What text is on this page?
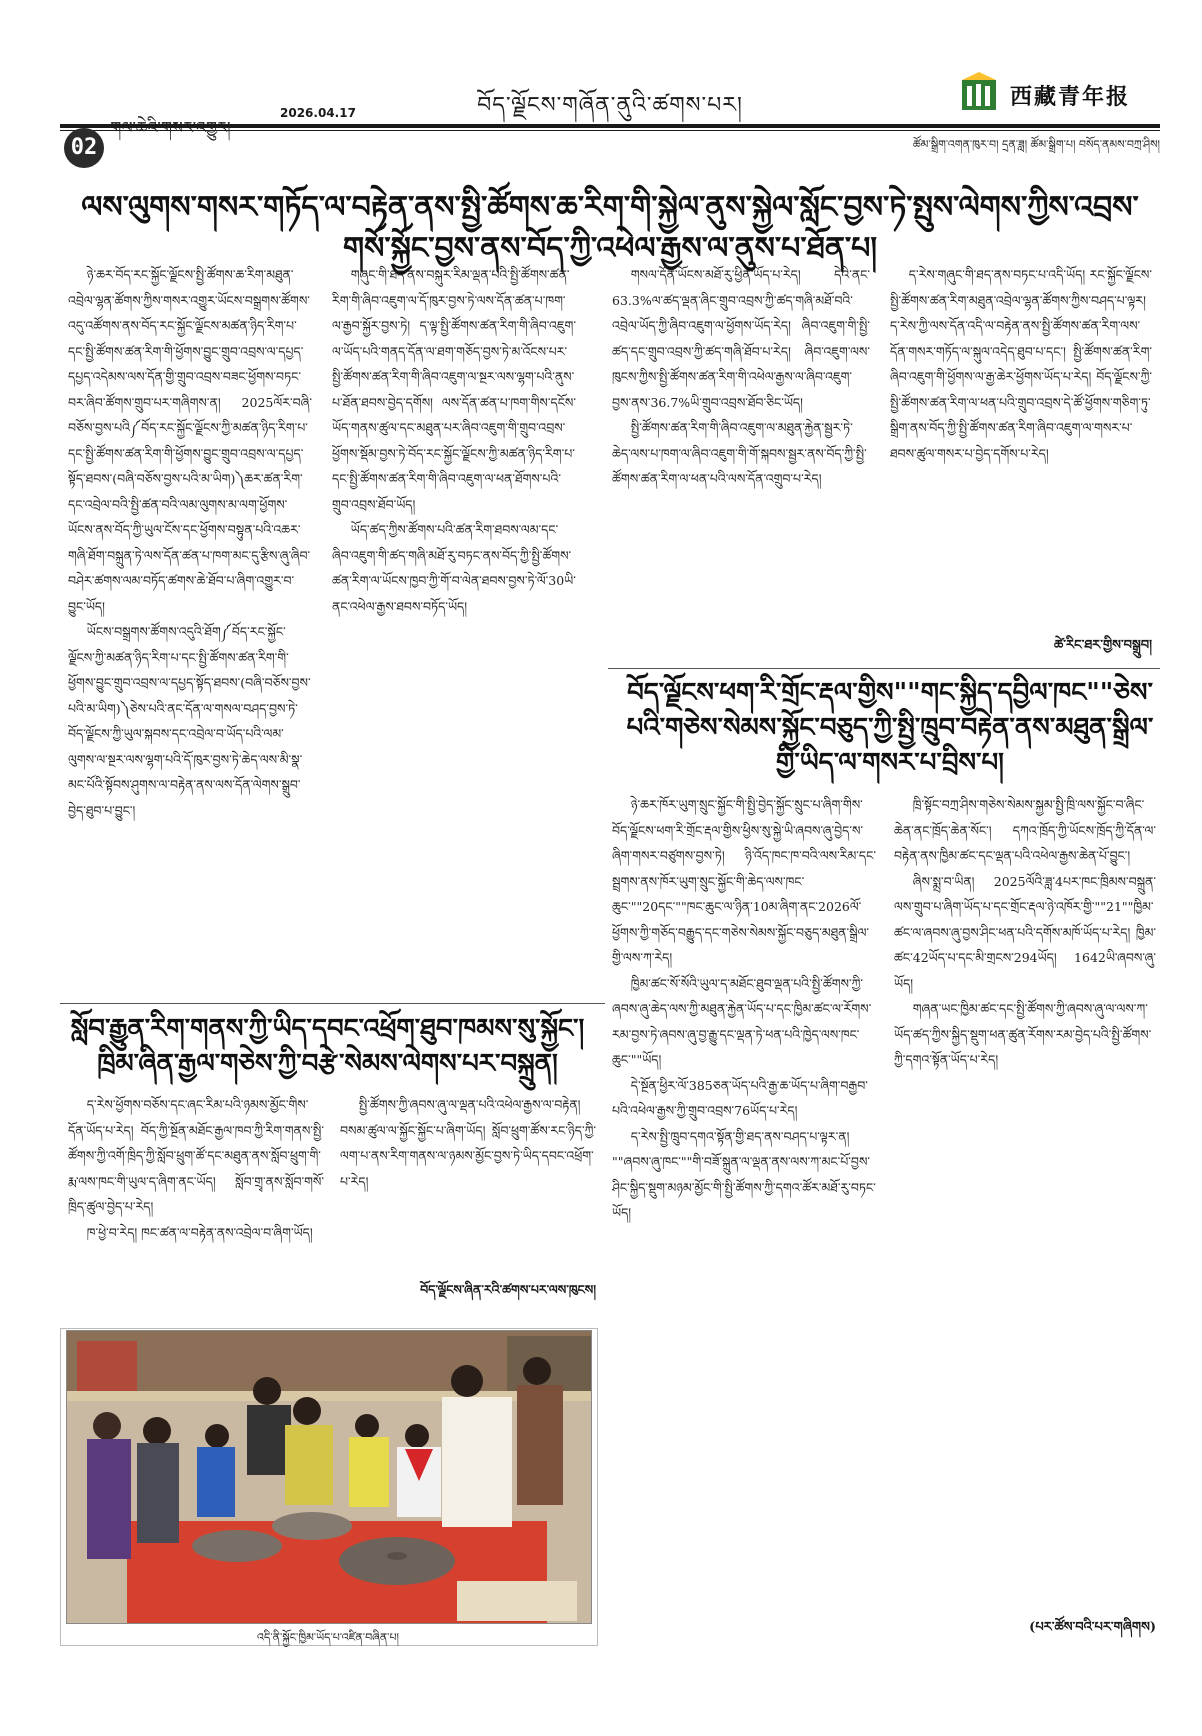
བོད་ལྗོངས་གཞོན་ནུའི་ཚགས་པར།	西藏青年报
2026.04.17
02	ཚོམ་སྒྲིག་འགན་ཁུར་བ། དྲན་ཟླ། ཚོམ་སྒྲིག་པ། བསོད་ནམས་བཀྲ་ཤིས།
ལས་ལུགས་གསར་གཏོད་ལ་བརྟེན་ནས་སྤྱི་ཚོགས་ཆ་རིག་གི་སྐྱེལ་ནུས་སྐྱེལ་སློང་བྱས་ཏེ་སྤུས་ལེགས་ཀྱིས་འབྲས་གསོ་སྐྱོང་བྱས་ནས་བོད་ཀྱི་འཕེལ་རྒྱས་ལ་ནུས་པ་ཐོན་པ།

ཉེ་ཆར་བོད་རང་སྐྱོང་ལྗོངས་སྤྱི་ཚོགས་ཆ་རིག་མཐུན་འབྲེལ་ལྷན་ཚོགས་ཀྱིས་གསར་འགྱུར་ཡོངས་བསྒྲགས་ཚོགས་འདུ་འཚོགས་ནས་བོད་རང་སྐྱོང་ལྗོངས་མཚན་ཉིད་རིག་པ་དང་སྤྱི་ཚོགས་ཚན་རིག་གི་ཕྱོགས་བྱུང་གྲུབ་འབྲས་ལ་དཔྱད་དཔྱད་འདེམས་ལས་དོན་གྱི་གྲུབ་འབྲས་བཟང་ཕྱོགས་བཏང་བར་ཞིབ་ཚོགས་གྲུབ་པར་གཞིགས་ན། 2025ལོར་བཞི་བཅོས་བྱས་པའི༼བོད་རང་སྐྱོང་ལྗོངས་ཀྱི་མཚན་ཉིད་རིག་པ་དང་སྤྱི་ཚོགས་ཚན་རིག་གི་ཕྱོགས་བྱུང་གྲུབ་འབྲས་ལ་དཔྱད་སྟོད་ཐབས་(བཞི་བཅོས་བྱས་པའི་མ་ཡིག)༽ཆར་ཚན་རིག་དང་འབྲེལ་བའི་སྤྱི་ཚན་བའི་ལམ་ལུགས་མ་ལག་ཕྱོགས་ཡོངས་ནས་བོད་ཀྱི་ཡུལ་ངོས་དང་ཕྱོགས་བསྟུན་པའི་འཆར་གཞི་ཐོག་བསྐྲུན་ཏེ་ལས་དོན་ཚན་པ་ཁག་མང་དུ་རྩིས་ཞུ་ཞིབ་བཤེར་ཚགས་ལམ་བཏོད་ཚགས་ཆེ་ཐོབ་པ་ཞིག་འགྱུར་བ་བྱུང་ཡོད།

ཡོངས་བསྒྲགས་ཚོགས་འདུའི་ཐོག༼བོད་རང་སྐྱོང་ལྗོངས་ཀྱི་མཚན་ཉིད་རིག་པ་དང་སྤྱི་ཚོགས་ཚན་རིག་གི་ཕྱོགས་བྱུང་གྲུབ་འབྲས་ལ་དཔྱད་སྟོད་ཐབས་(བཞི་བཅོས་བྱས་པའི་མ་ཡིག)༽ཅེས་པའི་ནང་དོན་ལ་གསལ་བཤད་བྱས་ཏེ་བོད་ལྗོངས་ཀྱི་ཡུལ་སྐབས་དང་འབྲེལ་བ་ཡོད་པའི་ལམ་ལུགས་ལ་སྔར་ལས་ལྷག་པའི་དོ་ཁུར་བྱས་ཏེ་ཆེད་ལས་མི་སྣ་མང་པོའི་སྟོབས་ཤུགས་ལ་བརྟེན་ནས་ལས་དོན་ལེགས་སྒྲུབ་བྱེད་ཐུབ་པ་བྱུང་།

གཞུང་གི་ཐད་ནས་བསྐུར་རིམ་ལྡན་པའི་སྤྱི་ཚོགས་ཚན་རིག་གི་ཞིབ་འཇུག་ལ་དོ་ཁུར་བྱས་ཏེ་ལས་དོན་ཚན་པ་ཁག་ལ་རྒྱབ་སྐྱོར་བྱས་ཏེ། ད་ལྟ་སྤྱི་ཚོགས་ཚན་རིག་གི་ཞིབ་འཇུག་ལ་ཡོད་པའི་གནད་དོན་ལ་ཐག་གཅོད་བྱས་ཏེ་མ་འོངས་པར་སྤྱི་ཚོགས་ཚན་རིག་གི་ཞིབ་འཇུག་ལ་སྔར་ལས་ལྷག་པའི་ནུས་པ་ཐོན་ཐབས་བྱེད་དགོས། ལས་དོན་ཚན་པ་ཁག་གིས་དངོས་ཡོད་གནས་ཚུལ་དང་མཐུན་པར་ཞིབ་འཇུག་གི་གྲུབ་འབྲས་ཕྱོགས་སྡོམ་བྱས་ཏེ་བོད་རང་སྐྱོང་ལྗོངས་ཀྱི་མཚན་ཉིད་རིག་པ་དང་སྤྱི་ཚོགས་ཚན་རིག་གི་ཞིབ་འཇུག་ལ་ཕན་ཐོགས་པའི་གྲུབ་འབྲས་ཐོབ་ཡོད།

ཡོད་ཚད་ཀྱིས་ཚོགས་པའི་ཚན་རིག་ཐབས་ལམ་དང་ཞིབ་འཇུག་གི་ཚད་གཞི་མཐོ་རུ་བཏང་ནས་བོད་ཀྱི་སྤྱི་ཚོགས་ཚན་རིག་ལ་ཡོངས་ཁྱབ་ཀྱི་གོ་བ་ལེན་ཐབས་བྱས་ཏེ་ལོ་30ཡི་ནང་འཕེལ་རྒྱས་ཐབས་བཏོད་ཡོད།

གསལ་དོན་ཡོངས་མཐོ་རུ་ཕྱིན་ཡོད་པ་རེད། དེའི་ནང་63.3%ལ་ཚད་ལྡན་ཞིང་གྲུབ་འབྲས་ཀྱི་ཚད་གཞི་མཐོ་བའི་འབྲེལ་ཡོད་ཀྱི་ཞིབ་འཇུག་ལ་ཕྱོགས་ཡོད་རེད། ཞིབ་འཇུག་གི་སྤྱི་ཚད་དང་གྲུབ་འབྲས་ཀྱི་ཚད་གཞི་ཐོབ་པ་རེད། ཞིབ་འཇུག་ལས་ཁུངས་ཀྱིས་སྤྱི་ཚོགས་ཚན་རིག་གི་འཕེལ་རྒྱས་ལ་ཞིབ་འཇུག་བྱས་ནས་36.7%ཡི་གྲུབ་འབྲས་ཐོབ་ཅིང་ཡོད།

སྤྱི་ཚོགས་ཚན་རིག་གི་ཞིབ་འཇུག་ལ་མཐུན་རྐྱེན་སྦྱར་ཏེ་ཆེད་ལས་པ་ཁག་ལ་ཞིབ་འཇུག་གི་གོ་སྐབས་སྦྱར་ནས་བོད་ཀྱི་སྤྱི་ཚོགས་ཚན་རིག་ལ་ཕན་པའི་ལས་དོན་འགྲུབ་པ་རེད།

ད་རེས་གཞུང་གི་ཐད་ནས་བཏང་པ་འདི་ཡོད། རང་སྐྱོང་ལྗོངས་སྤྱི་ཚོགས་ཚན་རིག་མཐུན་འབྲེལ་ལྷན་ཚོགས་ཀྱིས་བཤད་པ་ལྟར། ད་རེས་ཀྱི་ལས་དོན་འདི་ལ་བརྟེན་ནས་སྤྱི་ཚོགས་ཚན་རིག་ལས་དོན་གསར་གཏོད་ལ་སྐུལ་འདེད་ཐུབ་པ་དང་། སྤྱི་ཚོགས་ཚན་རིག་ཞིབ་འཇུག་གི་ཕྱོགས་ལ་རྒྱ་ཆེར་ཕྱོགས་ཡོད་པ་རེད། བོད་ལྗོངས་ཀྱི་སྤྱི་ཚོགས་ཚན་རིག་ལ་ཕན་པའི་གྲུབ་འབྲས་དེ་ཚོ་ཕྱོགས་གཅིག་ཏུ་སྒྲིག་ནས་བོད་ཀྱི་སྤྱི་ཚོགས་ཚན་རིག་ཞིབ་འཇུག་ལ་གསར་པ་ཐབས་ཚུལ་གསར་པ་བྱེད་དགོས་པ་རེད།

ཚེ་རིང་ཐར་གྱིས་བསྒྲུབ།
བོད་ལྗོངས་ཕག་རི་གྲོང་རྡལ་གྱིས""གང་སྐྱིད་དབྱིལ་ཁང""ཅེས་པའི་གཅེས་སེམས་སྐྱོང་བཅུད་ཀྱི་སྤྱི་ཁྲུབ་བརྟེན་ནས་མཐུན་སྒྲིལ་གྱི་ཡིད་ལ་གསར་པ་བྲིས་པ།

ཉེ་ཆར་ཁོར་ཡུག་སྲུང་སྐྱོང་གི་སྤྱི་བྱེད་སྐྱོང་སྲུང་པ་ཞིག་གིས་བོད་ལྗོངས་ཕག་རི་གྲོང་རྡལ་གྱིས་ཕྱིས་སུ་སྐྱེ་ཡི་ཞབས་ཞུ་བྱེད་ས་ཞིག་གསར་བཙུགས་བྱས་ཏེ། ཉི་འོད་ཁང་ཁ་བའི་ལས་རིམ་དང་སྦྲགས་ནས་ཁོར་ཡུག་སྲུང་སྐྱོང་གི་ཆེད་ལས་ཁང་ཆུང་""20དང་""ཁང་ཆུང་ལ་ཉིན་10མ་ཞིག་ནང་2026ལོ་ཕྱོགས་ཀྱི་གཅོད་བརྒྱུད་དང་གཅེས་སེམས་སྐྱོང་བཅུད་མཐུན་སྒྲིལ་གྱི་ལས་ཀ་རེད།

ཁྱིམ་ཚང་སོ་སོའི་ཡུལ་ད་མཐོང་ཐུབ་ལྡན་པའི་སྤྱི་ཚོགས་ཀྱི་ཞབས་ཞུ་ཆེད་ལས་ཀྱི་མཐུན་རྐྱེན་ཡོད་པ་དང་ཁྱིམ་ཚང་ལ་རོགས་རམ་བྱས་ཏེ་ཞབས་ཞུ་བྱ་རྒྱུ་དང་ལྡན་ཏེ་ཕན་པའི་ཁྱེད་ལས་ཁང་ཆུང་""ཡོད།

དེ་སྔོན་ཕྱིར་ལོ་385ཅན་ཡོད་པའི་རྒྱ་ཆ་ཡོད་པ་ཞིག་བརྒྱབ་པའི་འཕེལ་རྒྱས་ཀྱི་གྲུབ་འབྲས་76ཡོད་པ་རེད།

ད་རེས་སྤྱི་ཁྲུབ་དགའ་སྟོན་གྱི་ཐད་ནས་བཤད་པ་ལྟར་ན། ""ཞབས་ཞུ་ཁང་""གི་བཟོ་སྐྲུན་ལ་ལྡན་ནས་ལས་ཀ་མང་པོ་བྱས་ཤིང་སྐྱིད་སྡུག་མཉམ་མྱོང་གི་སྤྱི་ཚོགས་ཀྱི་དགའ་ཚོར་མཐོ་རུ་བཏང་ཡོད།

ཁྲི་སྟོང་བཀྲ་ཤིས་གཅེས་སེམས་སྐྱམ་སྤྱི་ཁྲི་ལས་སྐྱོང་བ་ཞིང་ཆེན་ནང་ཁྲོད་ཆེན་སོང་། དཀའ་ཁྲོད་ཀྱི་ཡོངས་ཁྲོད་ཀྱི་དོན་ལ་བརྟེན་ནས་ཁྱིམ་ཚང་དང་ལྡན་པའི་འཕེལ་རྒྱས་ཆེན་པོ་བྱུང་།

ཞིས་སྨྲ་བ་ཡིན། 2025ལོའི་ཟླ་4པར་ཁང་ཁྲིམས་བསྐྲུན་ལས་གྲུབ་པ་ཞིག་ཡོད་པ་དང་གྲོང་རྡལ་ཉེ་འཁོར་གྱི་""21""ཁྱིམ་ཚང་ལ་ཞབས་ཞུ་བྱས་ཤིང་ཕན་པའི་དགོས་མཁོ་ཡོད་པ་རེད། ཁྱིམ་ཚང་42ཡོད་པ་དང་མི་གྲངས་294ཡོད། 1642ཡི་ཞབས་ཞུ་ཡོད།

གཞན་ཡང་ཁྱིམ་ཚང་དང་སྤྱི་ཚོགས་ཀྱི་ཞབས་ཞུ་ལ་ལས་ཀ་ཡོད་ཚད་ཀྱིས་སྐྱིད་སྡུག་ཕན་ཚུན་རོགས་རམ་བྱེད་པའི་སྤྱི་ཚོགས་ཀྱི་དགའ་སྟོན་ཡོད་པ་རེད།

(པར་ཚོས་བའི་པར་གཞིགས)
སློབ་རྒྱུན་རིག་གནས་ཀྱི་ཡིད་དབང་འཕྲོག་ཐུབ་ཁམས་སུ་སྐྱོང་། ཁྲིམ་ཞིན་རྒྱལ་གཅེས་ཀྱི་བརྩེ་སེམས་ལེགས་པར་བསྐྲུན།

ད་རེས་ཕྱོགས་བཅོས་དང་ཞང་རིམ་པའི་ཉམས་མྱོང་གིས་དོན་ཡོད་པ་རེད། བོད་ཀྱི་སྔོན་མཐོང་རྒྱལ་ཁབ་ཀྱི་རིག་གནས་སྤྱི་ཚོགས་ཀྱི་འགོ་ཁྲིད་ཀྱི་སློབ་ཕྲུག་ཚོ་དང་མཐུན་ནས་སློབ་ཕྲུག་གི་རྨ་ལས་ཁང་གི་ཡུལ་ད་ཞིག་ནང་ཡོད། སློབ་གྲྭ་ནས་སློབ་གསོ་ཁྲིད་ཚུལ་བྱེད་པ་རེད།

ཁ་ཕྱེ་བ་རེད། ཁང་ཚན་ལ་བརྟེན་ནས་འབྲེལ་བ་ཞིག་ཡོད།

སྤྱི་ཚོགས་ཀྱི་ཞབས་ཞུ་ལ་ལྡན་པའི་འཕེལ་རྒྱས་ལ་བརྟེན། བསམ་ཚུལ་ལ་སྐྱོང་སྐྱོང་པ་ཞིག་ཡོད། སློབ་ཕྲུག་ཚོས་རང་ཉིད་ཀྱི་ལག་པ་ནས་རིག་གནས་ལ་ཉམས་མྱོང་བྱས་ཏེ་ཡིད་དབང་འཕྲོག་པ་རེད།

བོད་ལྗོངས་ཞིན་རའི་ཚགས་པར་ལས་ཁུངས།
འདི་ནི་སྐྱོང་ཁྱིམ་ཡོད་པ་འཛིན་བཞིན་པ།
